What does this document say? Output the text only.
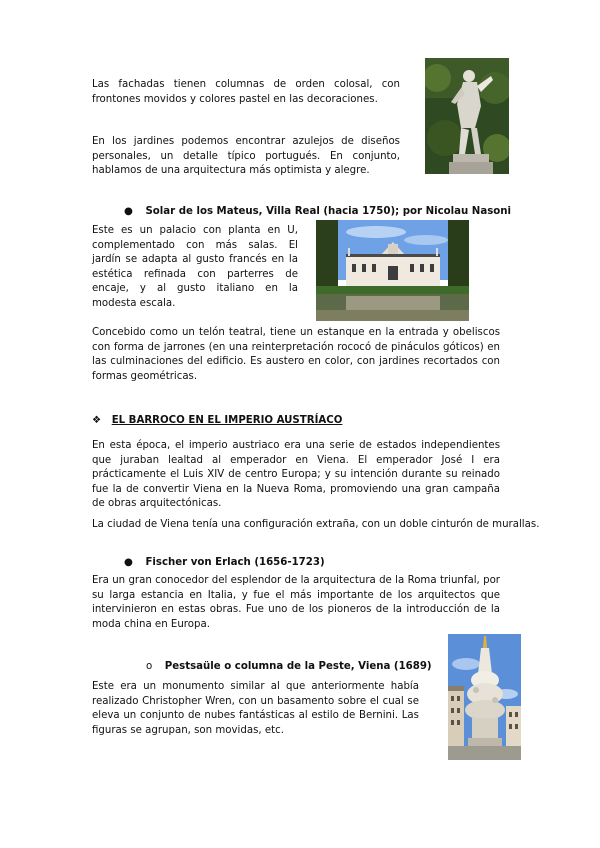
Las fachadas tienen columnas de orden colosal, con frontones movidos y colores pastel en las decoraciones.

En los jardines podemos encontrar azulejos de diseños personales, un detalle típico portugués. En conjunto, hablamos de una arquitectura más optimista y alegre.

● Solar de los Mateus, Villa Real (hacia 1750); por Nicolau Nasoni

Este es un palacio con planta en U, complementado con más salas. El jardín se adapta al gusto francés en la estética refinada con parterres de encaje, y al gusto italiano en la modesta escala.

Concebido como un telón teatral, tiene un estanque en la entrada y obeliscos con forma de jarrones (en una reinterpretación rococó de pináculos góticos) en las culminaciones del edificio. Es austero en color, con jardines recortados con formas geométricas.

❖ EL BARROCO EN EL IMPERIO AUSTRÍACO

En esta época, el imperio austriaco era una serie de estados independientes que juraban lealtad al emperador en Viena. El emperador José I era prácticamente el Luis XIV de centro Europa; y su intención durante su reinado fue la de convertir Viena en la Nueva Roma, promoviendo una gran campaña de obras arquitectónicas.

La ciudad de Viena tenía una configuración extraña, con un doble cinturón de murallas.

● Fischer von Erlach (1656-1723)

Era un gran conocedor del esplendor de la arquitectura de la Roma triunfal, por su larga estancia en Italia, y fue el más importante de los arquitectos que intervinieron en estas obras. Fue uno de los pioneros de la introducción de la moda china en Europa.

o Pestsaüle o columna de la Peste, Viena (1689)

Este era un monumento similar al que anteriormente había realizado Christopher Wren, con un basamento sobre el cual se eleva un conjunto de nubes fantásticas al estilo de Bernini. Las figuras se agrupan, son movidas, etc.
